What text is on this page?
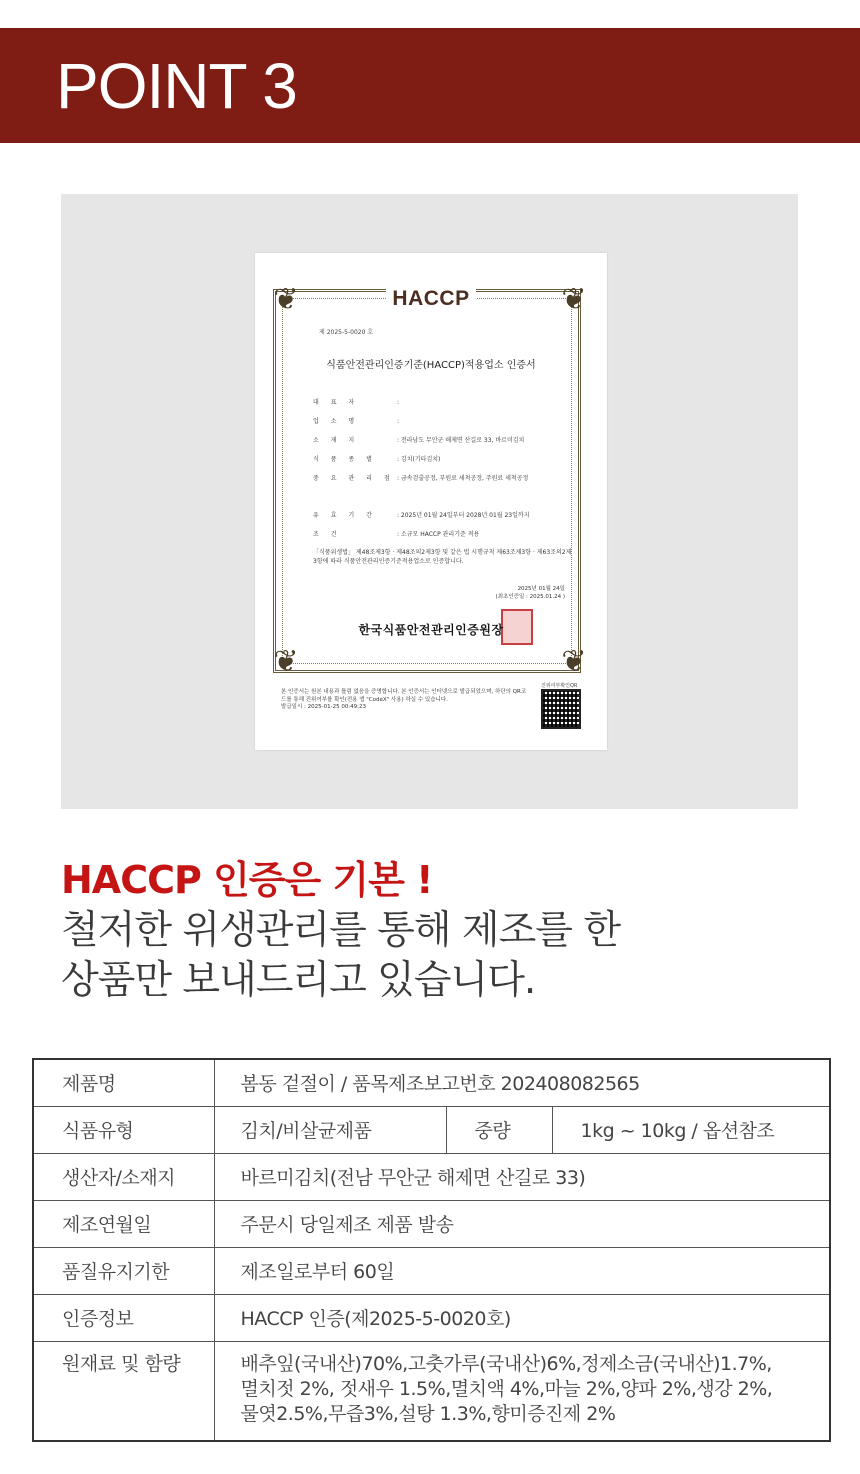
POINT 3
❦	❦
❦	❦
HACCP
제 2025-5-0020 호
식품안전관리인증기준(HACCP)적용업소 인증서
대 표 자	:
업 소 명	:
소 재 지	: 전라남도 무안군 해제면 산길로 33, 바르미김치
식 품 종 별	: 김치(기타김치)
중 요 관 리 점 : 금속검출공정, 부원료 세척공정, 주원료 세척공정
유 효 기 간	: 2025년 01월 24일부터 2028년 01월 23일까지
조 건	: 소규모 HACCP 관리기준 적용
「식품위생법」 제48조제3항 · 제48조의2제3항 및 같은 법 시행규칙 제63조제3항 · 제63조의2제3항에 따라 식품안전관리인증기준적용업소로 인증합니다.
2025년 01월 24일
(최초인증일 : 2025.01.24 )
한국식품안전관리인증원장
본 인증서는 원본 내용과 틀림 없음을 증명합니다. 본 인증서는 인터넷으로 발급되었으며, 하단의 QR코드를 통해 진위여부를 확인(전용 앱 "CodeX" 사용) 하실 수 있습니다.
발급일시 : 2025-01-25 00:49:23
진위여부확인QR
HACCP 인증은 기본 !
철저한 위생관리를 통해 제조를 한
상품만 보내드리고 있습니다.
제품명	봄동 겉절이 / 품목제조보고번호 202408082565		
식품유형	김치/비살균제품	중량	1kg ~ 10kg / 옵션참조
생산자/소재지	바르미김치(전남 무안군 해제면 산길로 33)		
제조연월일	주문시 당일제조 제품 발송		
품질유지기한	제조일로부터 60일		
인증정보	HACCP 인증(제2025-5-0020호)		
원재료 및 함량	배추잎(국내산)70%,고춧가루(국내산)6%,정제소금(국내산)1.7%,
멸치젓 2%, 젓새우 1.5%,멸치액 4%,마늘 2%,양파 2%,생강 2%,
물엿2.5%,무즙3%,설탕 1.3%,향미증진제 2%		
